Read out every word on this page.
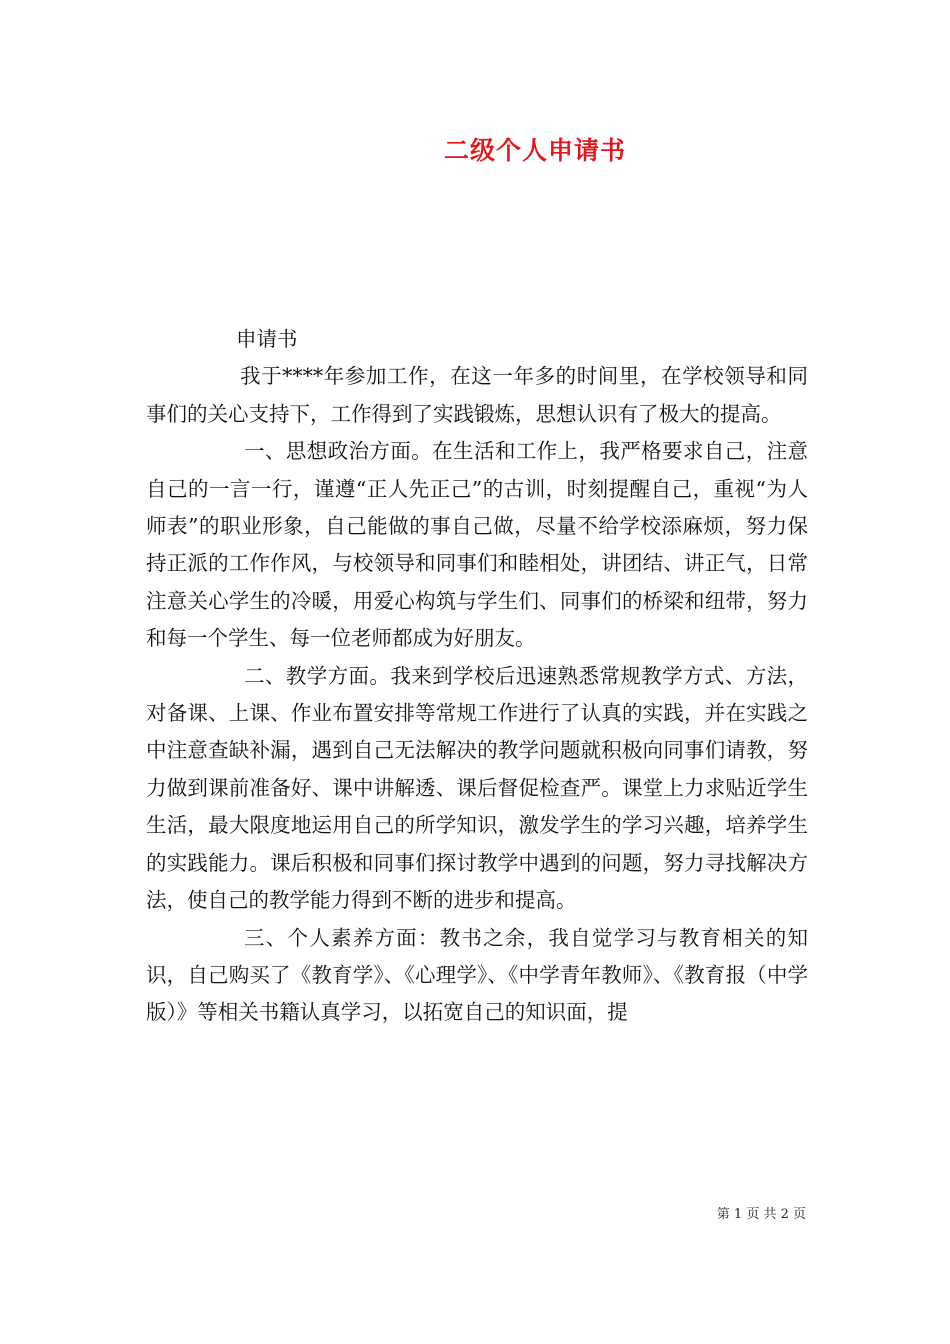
二级个人申请书

申请书

我于****年参加工作，在这一年多的时间里，在学校领导和同事们的关心支持下，工作得到了实践锻炼，思想认识有了极大的提高。

一、思想政治方面。在生活和工作上，我严格要求自己，注意自己的一言一行，谨遵“正人先正己”的古训，时刻提醒自己，重视“为人师表”的职业形象，自己能做的事自己做，尽量不给学校添麻烦，努力保持正派的工作作风，与校领导和同事们和睦相处，讲团结、讲正气，日常注意关心学生的冷暖，用爱心构筑与学生们、同事们的桥梁和纽带，努力和每一个学生、每一位老师都成为好朋友。

二、教学方面。我来到学校后迅速熟悉常规教学方式、方法，对备课、上课、作业布置安排等常规工作进行了认真的实践，并在实践之中注意查缺补漏，遇到自己无法解决的教学问题就积极向同事们请教，努力做到课前准备好、课中讲解透、课后督促检查严。课堂上力求贴近学生生活，最大限度地运用自己的所学知识，激发学生的学习兴趣，培养学生的实践能力。课后积极和同事们探讨教学中遇到的问题，努力寻找解决方法，使自己的教学能力得到不断的进步和提高。

三、个人素养方面：教书之余，我自觉学习与教育相关的知识，自己购买了《教育学》、《心理学》、《中学青年教师》、《教育报（中学版）》等相关书籍认真学习，以拓宽自己的知识面，提

第 1 页 共 2 页
